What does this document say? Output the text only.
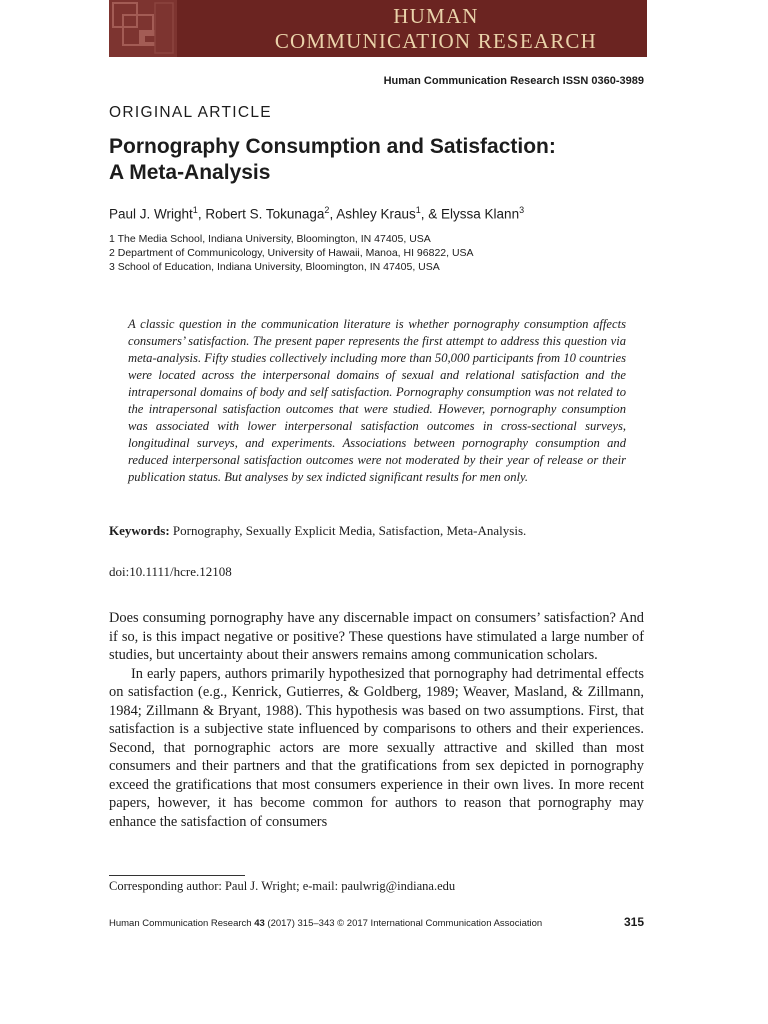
HUMAN
COMMUNICATION RESEARCH
Human Communication Research ISSN 0360-3989
ORIGINAL ARTICLE
Pornography Consumption and Satisfaction:
A Meta-Analysis
Paul J. Wright$^1$, Robert S. Tokunaga$^2$, Ashley Kraus$^1$, & Elyssa Klann$^3$
1 The Media School, Indiana University, Bloomington, IN 47405, USA
2 Department of Communicology, University of Hawaii, Manoa, HI 96822, USA
3 School of Education, Indiana University, Bloomington, IN 47405, USA

A classic question in the communication literature is whether pornography consumption affects consumers’ satisfaction. The present paper represents the first attempt to address this question via meta-analysis. Fifty studies collectively including more than 50,000 participants from 10 countries were located across the interpersonal domains of sexual and relational satisfaction and the intrapersonal domains of body and self satisfaction. Pornography consumption was not related to the intrapersonal satisfaction outcomes that were studied. However, pornography consumption was associated with lower interpersonal satisfaction outcomes in cross-sectional surveys, longitudinal surveys, and experiments. Associations between pornography consumption and reduced interpersonal satisfaction outcomes were not moderated by their year of release or their publication status. But analyses by sex indicted significant results for men only.

Keywords: Pornography, Sexually Explicit Media, Satisfaction, Meta-Analysis.
doi:10.1111/hcre.12108

Does consuming pornography have any discernable impact on consumers’ satisfaction? And if so, is this impact negative or positive? These questions have stimulated a large number of studies, but uncertainty about their answers remains among communication scholars.

In early papers, authors primarily hypothesized that pornography had detrimental effects on satisfaction (e.g., Kenrick, Gutierres, & Goldberg, 1989; Weaver, Masland, & Zillmann, 1984; Zillmann & Bryant, 1988). This hypothesis was based on two assumptions. First, that satisfaction is a subjective state influenced by comparisons to others and their experiences. Second, that pornographic actors are more sexually attractive and skilled than most consumers and their partners and that the gratifications from sex depicted in pornography exceed the gratifications that most consumers experience in their own lives. In more recent papers, however, it has become common for authors to reason that pornography may enhance the satisfaction of consumers

Corresponding author: Paul J. Wright; e-mail: paulwrig@indiana.edu
Human Communication Research 43 (2017) 315–343 © 2017 International Communication Association	315
